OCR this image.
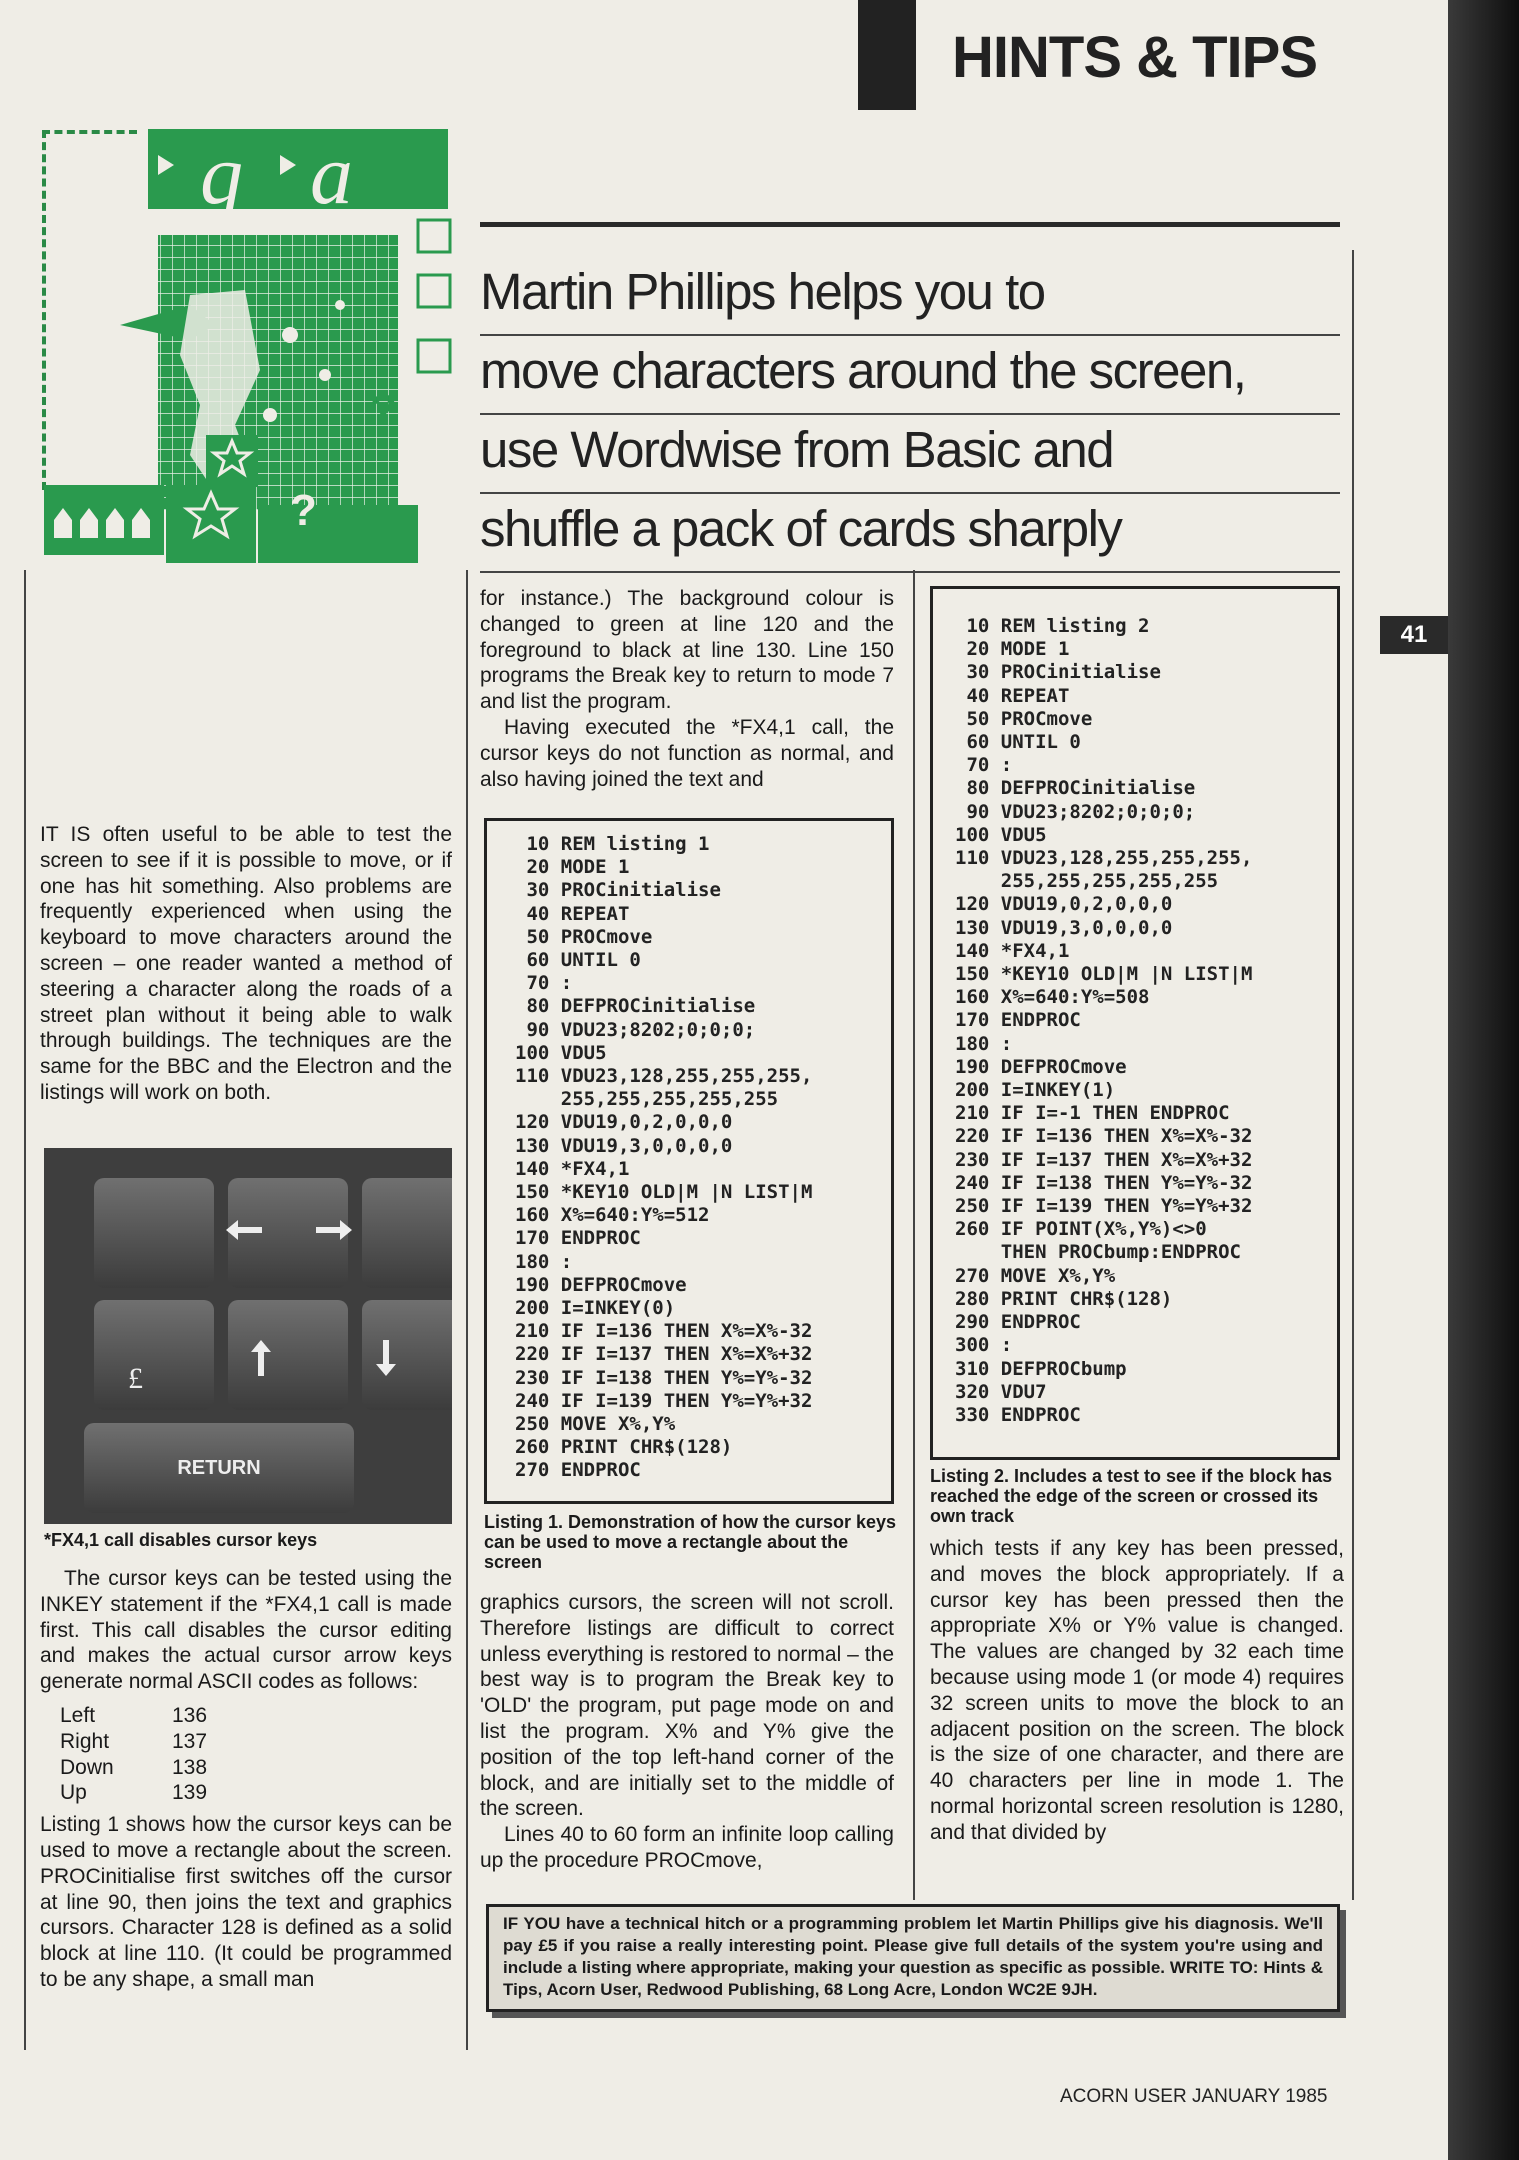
HINTS & TIPS
41
q a
?
?
Martin Phillips helps you to
move characters around the screen,
use Wordwise from Basic and
shuffle a pack of cards sharply

IT IS often useful to be able to test the screen to see if it is possible to move, or if one has hit something. Also problems are frequently experienced when using the keyboard to move characters around the screen – one reader wanted a method of steering a character along the roads of a street plan without it being able to walk through buildings. The techniques are the same for the BBC and the Electron and the listings will work on both.

RETURN
£
*FX4,1 call disables cursor keys

The cursor keys can be tested using the INKEY statement if the *FX4,1 call is made first. This call disables the cursor editing and makes the actual cursor arrow keys generate normal ASCII codes as follows:

Left	136
Right	137
Down	138
Up	139

Listing 1 shows how the cursor keys can be used to move a rectangle about the screen. PROCinitialise first switches off the cursor at line 90, then joins the text and graphics cursors. Character 128 is defined as a solid block at line 110. (It could be programmed to be any shape, a small man

for instance.) The background colour is changed to green at line 120 and the foreground to black at line 130. Line 150 programs the Break key to return to mode 7 and list the program.

Having executed the *FX4,1 call, the cursor keys do not function as normal, and also having joined the text and

10 REM listing 1
20 MODE 1
30 PROCinitialise
40 REPEAT
50 PROCmove
60 UNTIL 0
70 :
80 DEFPROCinitialise
90 VDU23;8202;0;0;0;
100 VDU5
110 VDU23,128,255,255,255,
255,255,255,255,255
120 VDU19,0,2,0,0,0
130 VDU19,3,0,0,0,0
140 *FX4,1
150 *KEY10 OLD|M |N LIST|M
160 X%=640:Y%=512
170 ENDPROC
180 :
190 DEFPROCmove
200 I=INKEY(0)
210 IF I=136 THEN X%=X%-32
220 IF I=137 THEN X%=X%+32
230 IF I=138 THEN Y%=Y%-32
240 IF I=139 THEN Y%=Y%+32
250 MOVE X%,Y%
260 PRINT CHR$(128)
270 ENDPROC
Listing 1. Demonstration of how the cursor keys can be used to move a rectangle about the screen

graphics cursors, the screen will not scroll. Therefore listings are difficult to correct unless everything is restored to normal – the best way is to program the Break key to 'OLD' the program, put page mode on and list the program. X% and Y% give the position of the top left-hand corner of the block, and are initially set to the middle of the screen.

Lines 40 to 60 form an infinite loop calling up the procedure PROCmove,

10 REM listing 2
20 MODE 1
30 PROCinitialise
40 REPEAT
50 PROCmove
60 UNTIL 0
70 :
80 DEFPROCinitialise
90 VDU23;8202;0;0;0;
100 VDU5
110 VDU23,128,255,255,255,
255,255,255,255,255
120 VDU19,0,2,0,0,0
130 VDU19,3,0,0,0,0
140 *FX4,1
150 *KEY10 OLD|M |N LIST|M
160 X%=640:Y%=508
170 ENDPROC
180 :
190 DEFPROCmove
200 I=INKEY(1)
210 IF I=-1 THEN ENDPROC
220 IF I=136 THEN X%=X%-32
230 IF I=137 THEN X%=X%+32
240 IF I=138 THEN Y%=Y%-32
250 IF I=139 THEN Y%=Y%+32
260 IF POINT(X%,Y%)<>0
THEN PROCbump:ENDPROC
270 MOVE X%,Y%
280 PRINT CHR$(128)
290 ENDPROC
300 :
310 DEFPROCbump
320 VDU7
330 ENDPROC
Listing 2. Includes a test to see if the block has reached the edge of the screen or crossed its own track

which tests if any key has been pressed, and moves the block appropriately. If a cursor key has been pressed then the appropriate X% or Y% value is changed. The values are changed by 32 each time because using mode 1 (or mode 4) requires 32 screen units to move the block to an adjacent position on the screen. The block is the size of one character, and there are 40 characters per line in mode 1. The normal horizontal screen resolution is 1280, and that divided by

IF YOU have a technical hitch or a programming problem let Martin Phillips give his diagnosis. We'll pay £5 if you raise a really interesting point. Please give full details of the system you're using and include a listing where appropriate, making your question as specific as possible. WRITE TO: Hints & Tips, Acorn User, Redwood Publishing, 68 Long Acre, London WC2E 9JH.
ACORN USER JANUARY 1985
